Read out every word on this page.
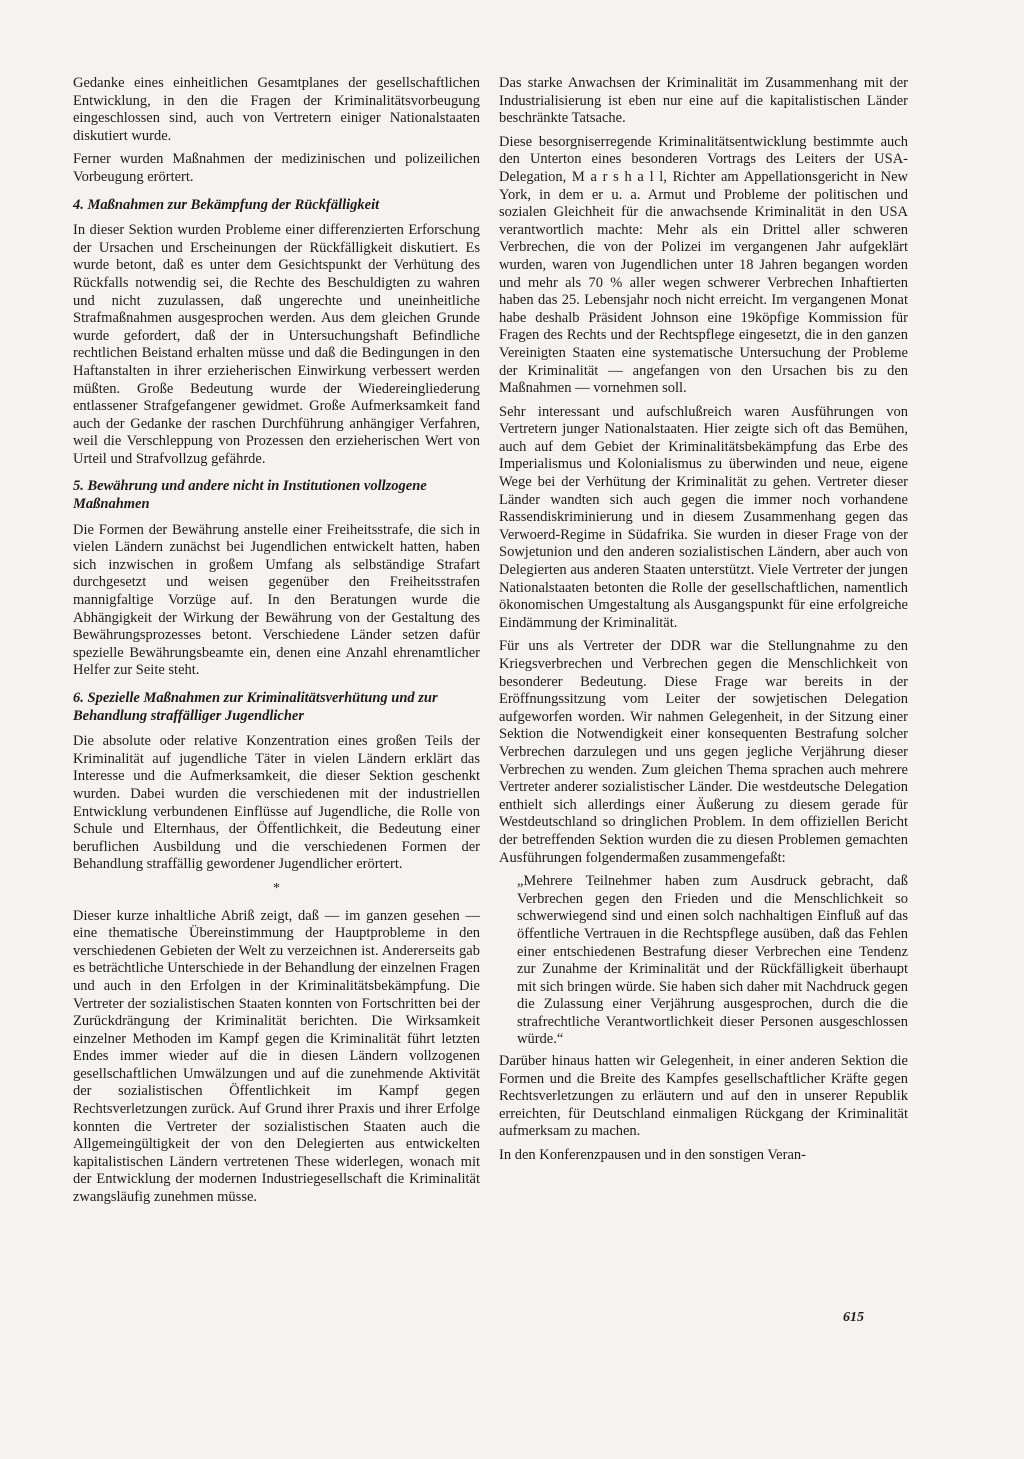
Gedanke eines einheitlichen Gesamtplanes der gesellschaftlichen Entwicklung, in den die Fragen der Kriminalitätsvorbeugung eingeschlossen sind, auch von Vertretern einiger Nationalstaaten diskutiert wurde.

Ferner wurden Maßnahmen der medizinischen und polizeilichen Vorbeugung erörtert.

4. Maßnahmen zur Bekämpfung der Rückfälligkeit

In dieser Sektion wurden Probleme einer differenzierten Erforschung der Ursachen und Erscheinungen der Rückfälligkeit diskutiert. Es wurde betont, daß es unter dem Gesichtspunkt der Verhütung des Rückfalls notwendig sei, die Rechte des Beschuldigten zu wahren und nicht zuzulassen, daß ungerechte und uneinheitliche Strafmaßnahmen ausgesprochen werden. Aus dem gleichen Grunde wurde gefordert, daß der in Untersuchungshaft Befindliche rechtlichen Beistand erhalten müsse und daß die Bedingungen in den Haftanstalten in ihrer erzieherischen Einwirkung verbessert werden müßten. Große Bedeutung wurde der Wiedereingliederung entlassener Strafgefangener gewidmet. Große Aufmerksamkeit fand auch der Gedanke der raschen Durchführung anhängiger Verfahren, weil die Verschleppung von Prozessen den erzieherischen Wert von Urteil und Strafvollzug gefährde.

5. Bewährung und andere nicht in Institutionen vollzogene Maßnahmen

Die Formen der Bewährung anstelle einer Freiheitsstrafe, die sich in vielen Ländern zunächst bei Jugendlichen entwickelt hatten, haben sich inzwischen in großem Umfang als selbständige Strafart durchgesetzt und weisen gegenüber den Freiheitsstrafen mannigfaltige Vorzüge auf. In den Beratungen wurde die Abhängigkeit der Wirkung der Bewährung von der Gestaltung des Bewährungsprozesses betont. Verschiedene Länder setzen dafür spezielle Bewährungsbeamte ein, denen eine Anzahl ehrenamtlicher Helfer zur Seite steht.

6. Spezielle Maßnahmen zur Kriminalitätsverhütung und zur Behandlung straffälliger Jugendlicher

Die absolute oder relative Konzentration eines großen Teils der Kriminalität auf jugendliche Täter in vielen Ländern erklärt das Interesse und die Aufmerksamkeit, die dieser Sektion geschenkt wurden. Dabei wurden die verschiedenen mit der industriellen Entwicklung verbundenen Einflüsse auf Jugendliche, die Rolle von Schule und Elternhaus, der Öffentlichkeit, die Bedeutung einer beruflichen Ausbildung und die verschiedenen Formen der Behandlung straffällig gewordener Jugendlicher erörtert.

*

Dieser kurze inhaltliche Abriß zeigt, daß — im ganzen gesehen — eine thematische Übereinstimmung der Hauptprobleme in den verschiedenen Gebieten der Welt zu verzeichnen ist. Andererseits gab es beträchtliche Unterschiede in der Behandlung der einzelnen Fragen und auch in den Erfolgen in der Kriminalitätsbekämpfung. Die Vertreter der sozialistischen Staaten konnten von Fortschritten bei der Zurückdrängung der Kriminalität berichten. Die Wirksamkeit einzelner Methoden im Kampf gegen die Kriminalität führt letzten Endes immer wieder auf die in diesen Ländern vollzogenen gesellschaftlichen Umwälzungen und auf die zunehmende Aktivität der sozialistischen Öffentlichkeit im Kampf gegen Rechtsverletzungen zurück. Auf Grund ihrer Praxis und ihrer Erfolge konnten die Vertreter der sozialistischen Staaten auch die Allgemeingültigkeit der von den Delegierten aus entwickelten kapitalistischen Ländern vertretenen These widerlegen, wonach mit der Entwicklung der modernen Industriegesellschaft die Kriminalität zwangsläufig zunehmen müsse.

Das starke Anwachsen der Kriminalität im Zusammenhang mit der Industrialisierung ist eben nur eine auf die kapitalistischen Länder beschränkte Tatsache.

Diese besorgniserregende Kriminalitätsentwicklung bestimmte auch den Unterton eines besonderen Vortrags des Leiters der USA-Delegation, M a r s h a l l, Richter am Appellationsgericht in New York, in dem er u. a. Armut und Probleme der politischen und sozialen Gleichheit für die anwachsende Kriminalität in den USA verantwortlich machte: Mehr als ein Drittel aller schweren Verbrechen, die von der Polizei im vergangenen Jahr aufgeklärt wurden, waren von Jugendlichen unter 18 Jahren begangen worden und mehr als 70 % aller wegen schwerer Verbrechen Inhaftierten haben das 25. Lebensjahr noch nicht erreicht. Im vergangenen Monat habe deshalb Präsident Johnson eine 19köpfige Kommission für Fragen des Rechts und der Rechtspflege eingesetzt, die in den ganzen Vereinigten Staaten eine systematische Untersuchung der Probleme der Kriminalität — angefangen von den Ursachen bis zu den Maßnahmen — vornehmen soll.

Sehr interessant und aufschlußreich waren Ausführungen von Vertretern junger Nationalstaaten. Hier zeigte sich oft das Bemühen, auch auf dem Gebiet der Kriminalitätsbekämpfung das Erbe des Imperialismus und Kolonialismus zu überwinden und neue, eigene Wege bei der Verhütung der Kriminalität zu gehen. Vertreter dieser Länder wandten sich auch gegen die immer noch vorhandene Rassendiskriminierung und in diesem Zusammenhang gegen das Verwoerd-Regime in Südafrika. Sie wurden in dieser Frage von der Sowjetunion und den anderen sozialistischen Ländern, aber auch von Delegierten aus anderen Staaten unterstützt. Viele Vertreter der jungen Nationalstaaten betonten die Rolle der gesellschaftlichen, namentlich ökonomischen Umgestaltung als Ausgangspunkt für eine erfolgreiche Eindämmung der Kriminalität.

Für uns als Vertreter der DDR war die Stellungnahme zu den Kriegsverbrechen und Verbrechen gegen die Menschlichkeit von besonderer Bedeutung. Diese Frage war bereits in der Eröffnungssitzung vom Leiter der sowjetischen Delegation aufgeworfen worden. Wir nahmen Gelegenheit, in der Sitzung einer Sektion die Notwendigkeit einer konsequenten Bestrafung solcher Verbrechen darzulegen und uns gegen jegliche Verjährung dieser Verbrechen zu wenden. Zum gleichen Thema sprachen auch mehrere Vertreter anderer sozialistischer Länder. Die westdeutsche Delegation enthielt sich allerdings einer Äußerung zu diesem gerade für Westdeutschland so dringlichen Problem. In dem offiziellen Bericht der betreffenden Sektion wurden die zu diesen Problemen gemachten Ausführungen folgendermaßen zusammengefaßt:

„Mehrere Teilnehmer haben zum Ausdruck gebracht, daß Verbrechen gegen den Frieden und die Menschlichkeit so schwerwiegend sind und einen solch nachhaltigen Einfluß auf das öffentliche Vertrauen in die Rechtspflege ausüben, daß das Fehlen einer entschiedenen Bestrafung dieser Verbrechen eine Tendenz zur Zunahme der Kriminalität und der Rückfälligkeit überhaupt mit sich bringen würde. Sie haben sich daher mit Nachdruck gegen die Zulassung einer Verjährung ausgesprochen, durch die die strafrechtliche Verantwortlichkeit dieser Personen ausgeschlossen würde.“

Darüber hinaus hatten wir Gelegenheit, in einer anderen Sektion die Formen und die Breite des Kampfes gesellschaftlicher Kräfte gegen Rechtsverletzungen zu erläutern und auf den in unserer Republik erreichten, für Deutschland einmaligen Rückgang der Kriminalität aufmerksam zu machen.

In den Konferenzpausen und in den sonstigen Veran-

615
